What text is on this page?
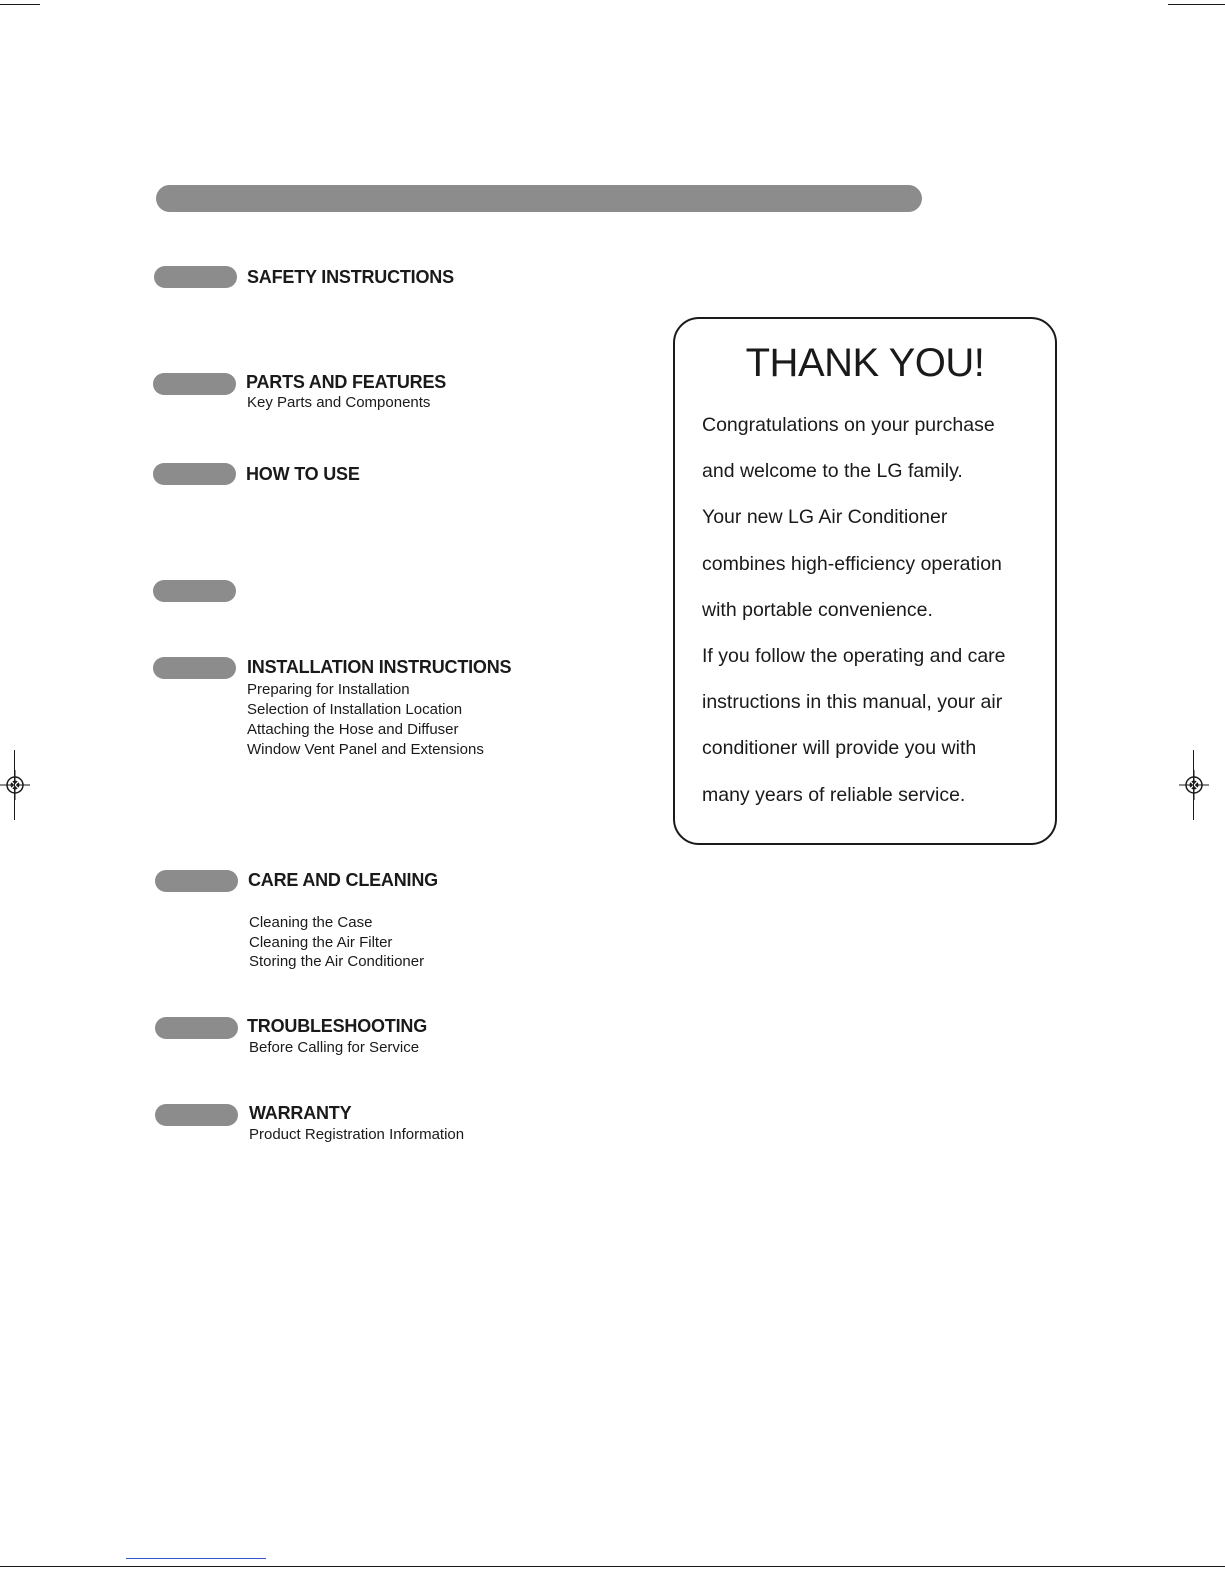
SAFETY INSTRUCTIONS
PARTS AND FEATURES
Key Parts and Components
HOW TO USE
INSTALLATION INSTRUCTIONS
Preparing for Installation
Selection of Installation Location
Attaching the Hose and Diffuser
Window Vent Panel and Extensions
CARE AND CLEANING
Cleaning the Case
Cleaning the Air Filter
Storing the Air Conditioner
TROUBLESHOOTING
Before Calling for Service
WARRANTY
Product Registration Information
THANK YOU!
Congratulations on your purchase
and welcome to the LG family.
Your new LG Air Conditioner
combines high-efficiency operation
with portable convenience.
If you follow the operating and care
instructions in this manual, your air
conditioner will provide you with
many years of reliable service.
